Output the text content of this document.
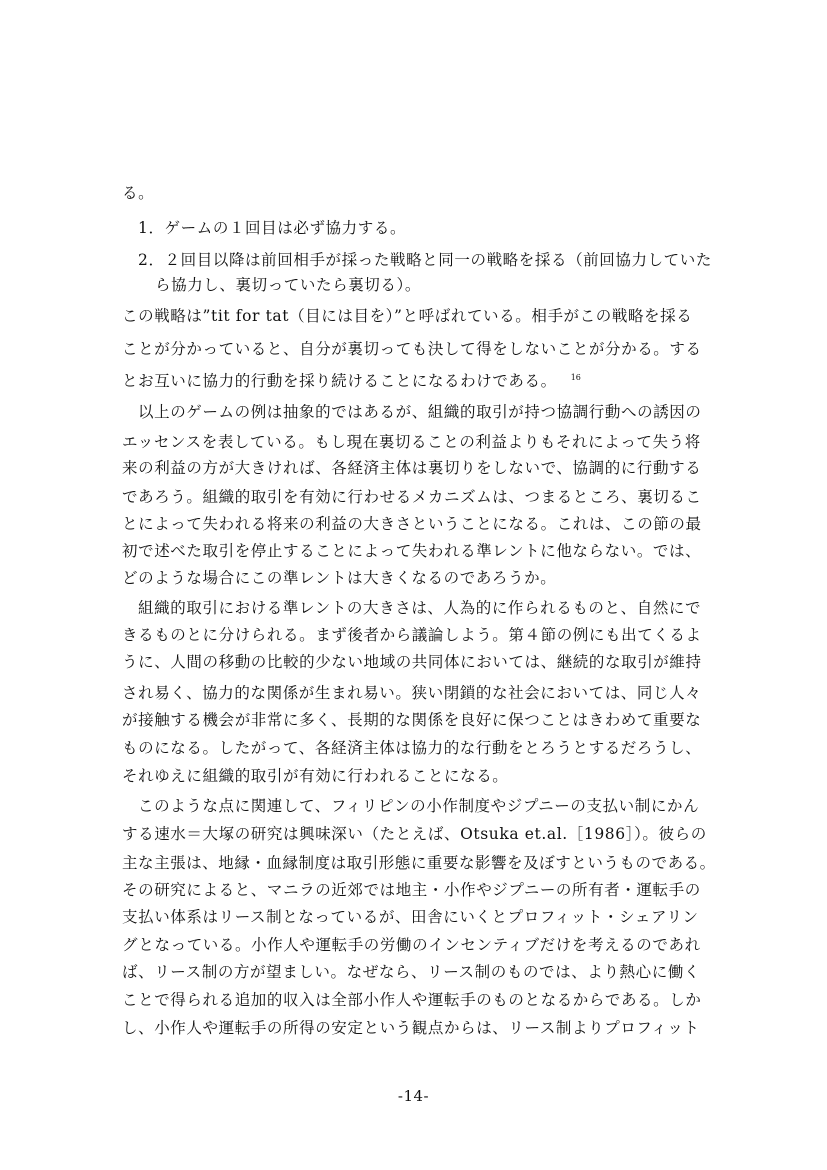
る。
1．ゲームの１回目は必ず協力する。
2．２回目以降は前回相手が採った戦略と同一の戦略を採る（前回協力していた
ら協力し、裏切っていたら裏切る）。
この戦略は”tit for tat（目には目を）”と呼ばれている。相手がこの戦略を採る
ことが分かっていると、自分が裏切っても決して得をしないことが分かる。する
とお互いに協力的行動を採り続けることになるわけである。 $^{16}$
以上のゲームの例は抽象的ではあるが、組織的取引が持つ協調行動への誘因の
エッセンスを表している。もし現在裏切ることの利益よりもそれによって失う将
来の利益の方が大きければ、各経済主体は裏切りをしないで、協調的に行動する
であろう。組織的取引を有効に行わせるメカニズムは、つまるところ、裏切るこ
とによって失われる将来の利益の大きさということになる。これは、この節の最
初で述べた取引を停止することによって失われる準レントに他ならない。では、
どのような場合にこの準レントは大きくなるのであろうか。
組織的取引における準レントの大きさは、人為的に作られるものと、自然にで
きるものとに分けられる。まず後者から議論しよう。第４節の例にも出てくるよ
うに、人間の移動の比較的少ない地域の共同体においては、継続的な取引が維持
され易く、協力的な関係が生まれ易い。狭い閉鎖的な社会においては、同じ人々
が接触する機会が非常に多く、長期的な関係を良好に保つことはきわめて重要な
ものになる。したがって、各経済主体は協力的な行動をとろうとするだろうし、
それゆえに組織的取引が有効に行われることになる。
このような点に関連して、フィリピンの小作制度やジプニーの支払い制にかん
する速水＝大塚の研究は興味深い（たとえば、Otsuka et.al.［1986］）。彼らの
主な主張は、地縁・血縁制度は取引形態に重要な影響を及ぼすというものである。
その研究によると、マニラの近郊では地主・小作やジプニーの所有者・運転手の
支払い体系はリース制となっているが、田舎にいくとプロフィット・シェアリン
グとなっている。小作人や運転手の労働のインセンティブだけを考えるのであれ
ば、リース制の方が望ましい。なぜなら、リース制のものでは、より熱心に働く
ことで得られる追加的収入は全部小作人や運転手のものとなるからである。しか
し、小作人や運転手の所得の安定という観点からは、リース制よりプロフィット
-14-
